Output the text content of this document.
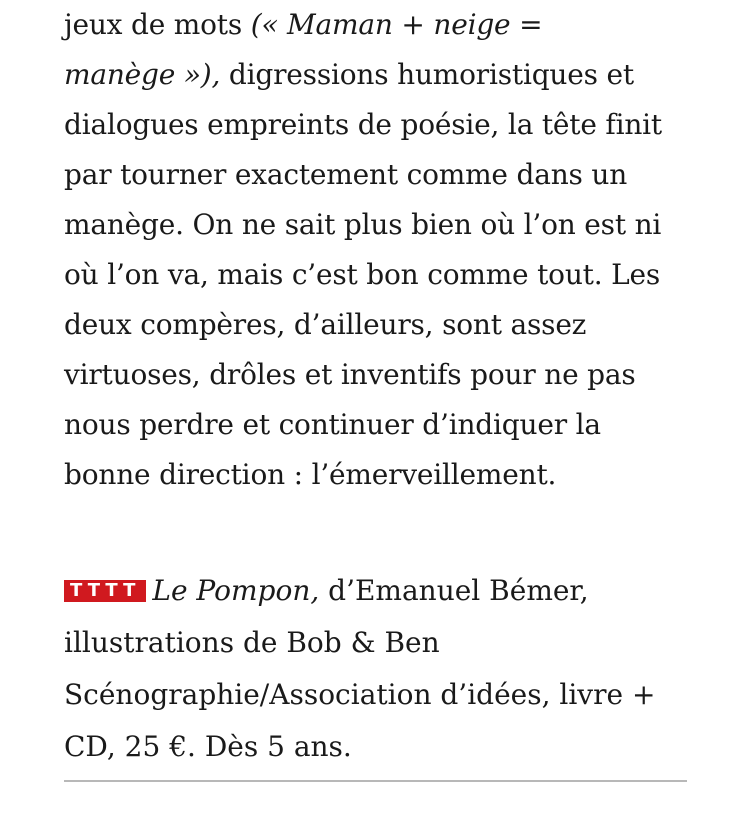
jeux de mots (« Maman + neige =
manège »), digressions humoristiques et
dialogues empreints de poésie, la tête finit
par tourner exactement comme dans un
manège. On ne sait plus bien où l’on est ni
où l’on va, mais c’est bon comme tout. Les
deux compères, d’ailleurs, sont assez
virtuoses, drôles et inventifs pour ne pas
nous perdre et continuer d’indiquer la
bonne direction : l’émerveillement.

TTTT Le Pompon, d’Emanuel Bémer,
illustrations de Bob & Ben
Scénographie/Association d’idées, livre +
CD, 25 €. Dès 5 ans.
